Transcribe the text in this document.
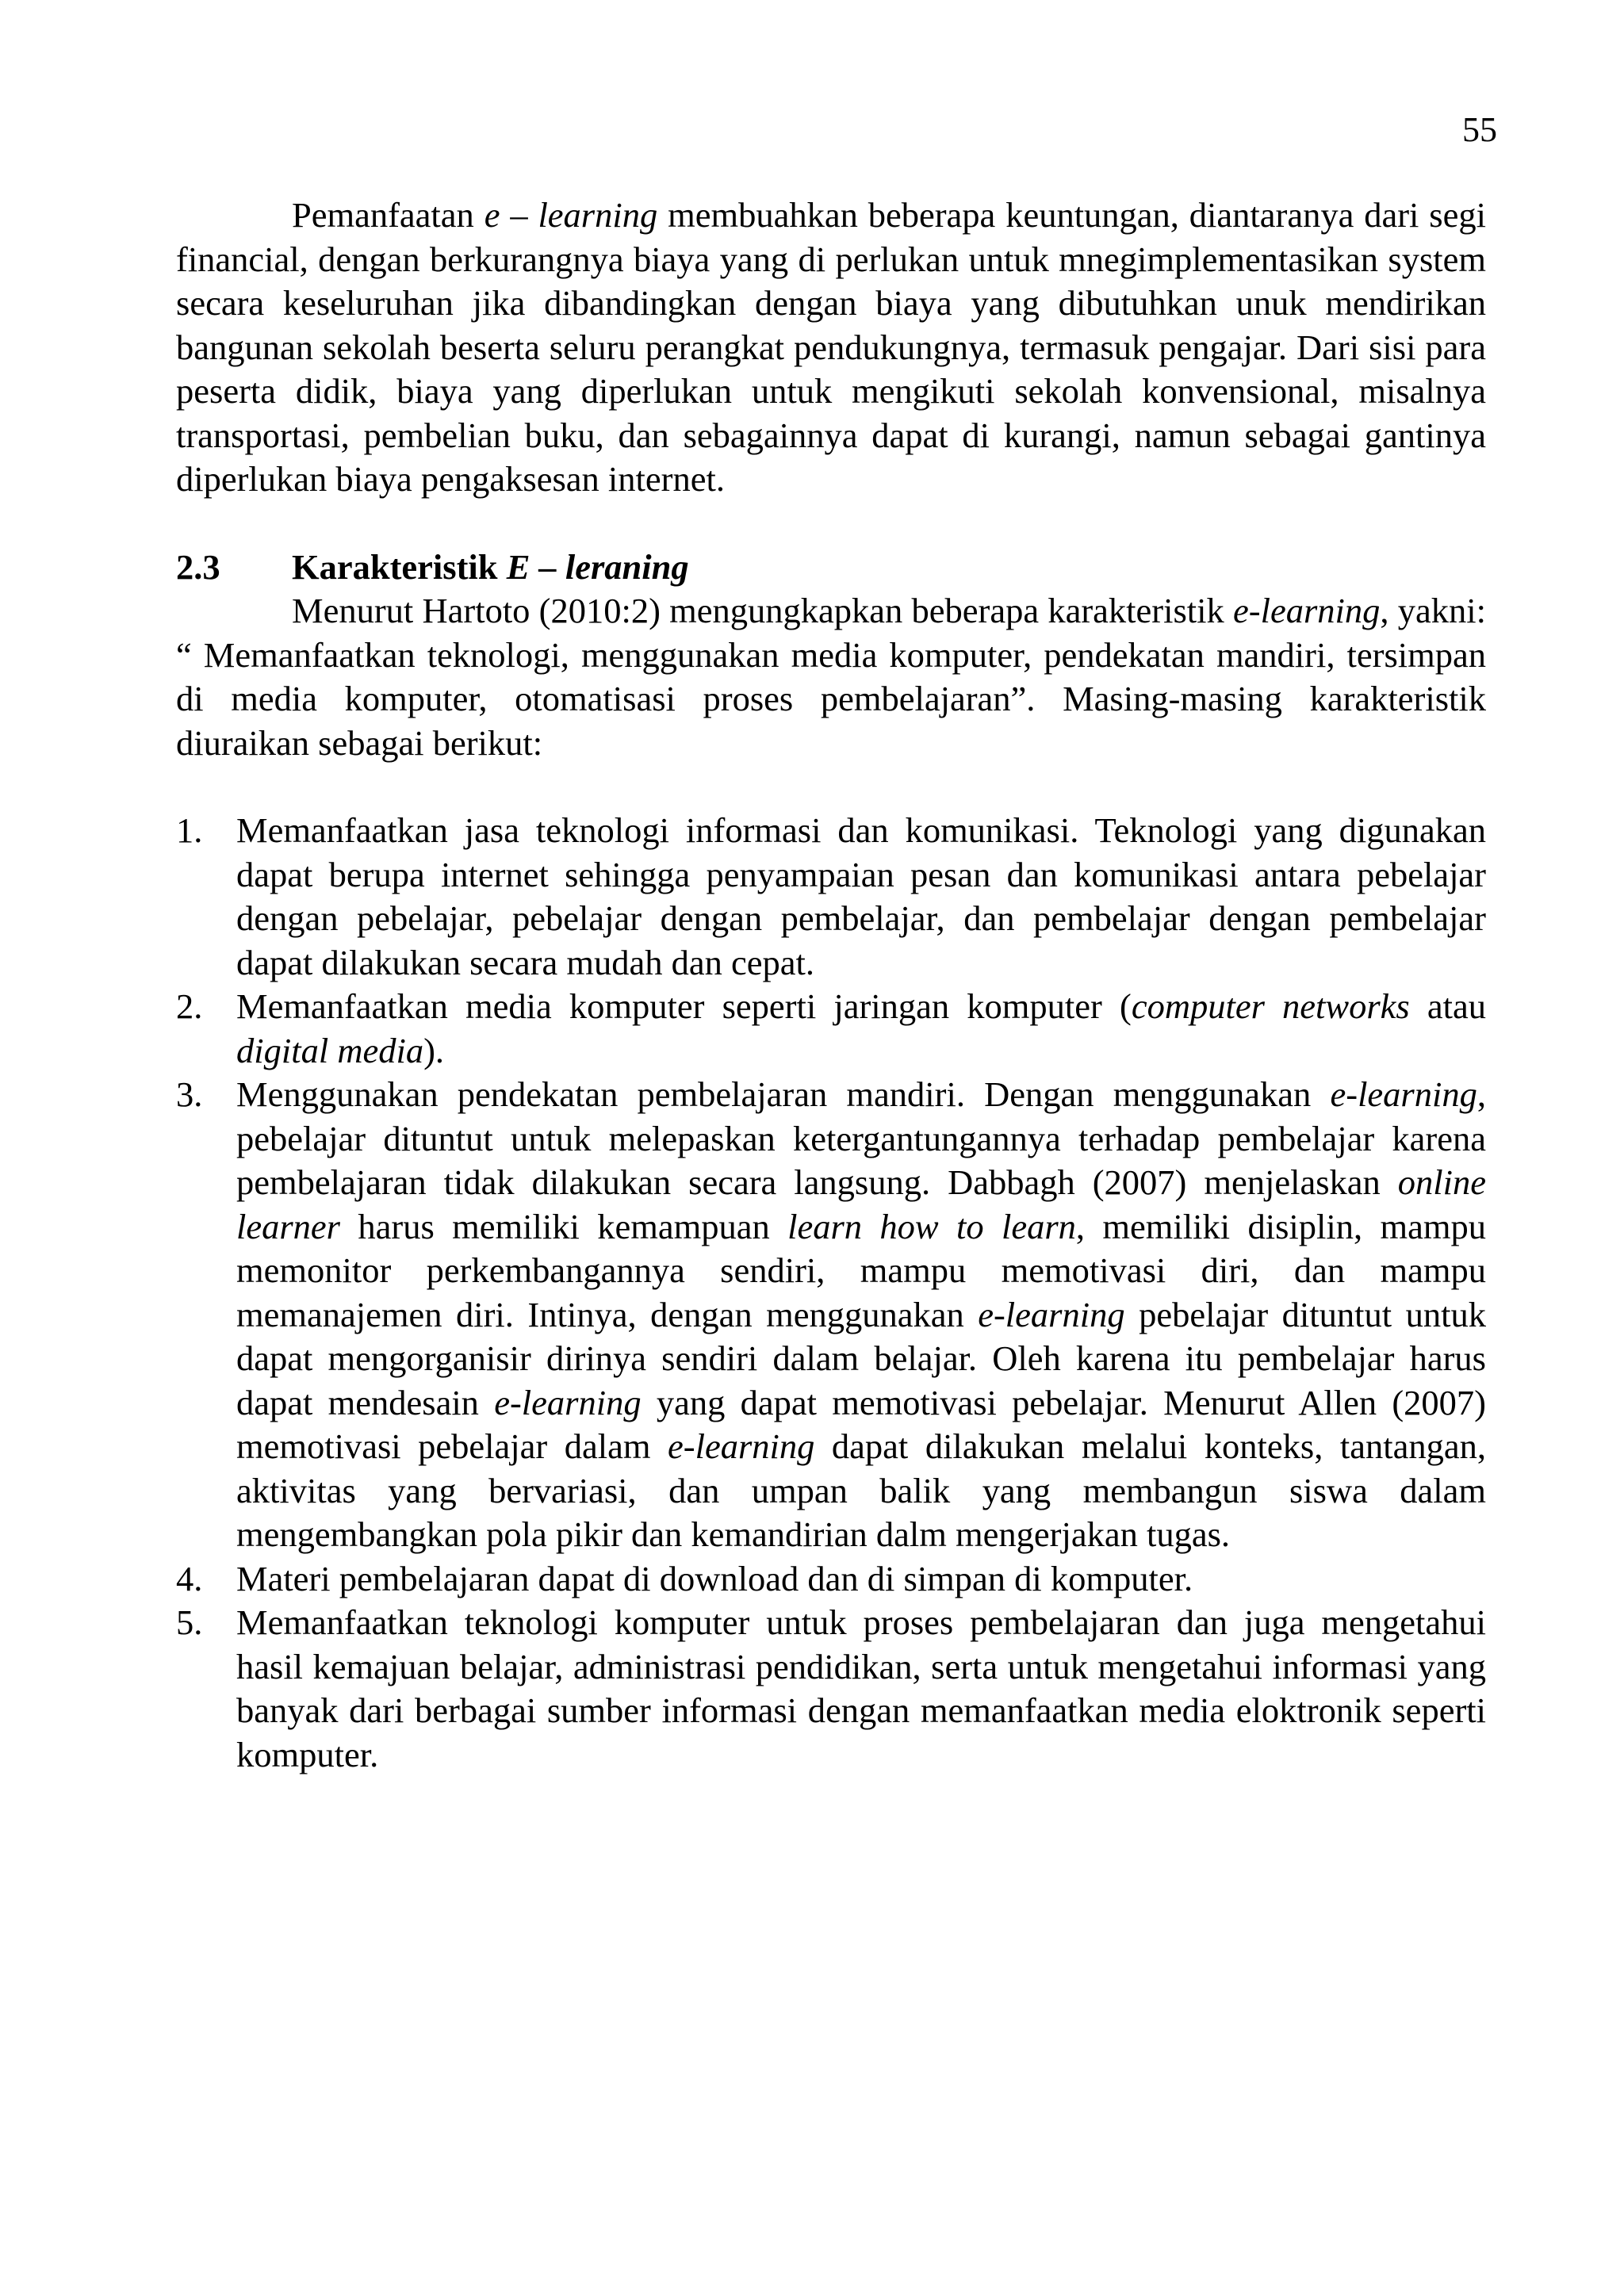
55

Pemanfaatan e – learning membuahkan beberapa keuntungan, diantaranya dari segi financial, dengan berkurangnya biaya yang di perlukan untuk mnegimplementasikan system secara keseluruhan jika dibandingkan dengan biaya yang dibutuhkan unuk mendirikan bangunan sekolah beserta seluru perangkat pendukungnya, termasuk pengajar. Dari sisi para peserta didik, biaya yang diperlukan untuk mengikuti sekolah konvensional, misalnya transportasi, pembelian buku, dan sebagainnya dapat di kurangi, namun sebagai gantinya diperlukan biaya pengaksesan internet.

2.3 Karakteristik E – leraning

Menurut Hartoto (2010:2) mengungkapkan beberapa karakteristik e-learning, yakni: “ Memanfaatkan teknologi, menggunakan media komputer, pendekatan mandiri, tersimpan di media komputer, otomatisasi proses pembelajaran”. Masing-masing karakteristik diuraikan sebagai berikut:

1. Memanfaatkan jasa teknologi informasi dan komunikasi. Teknologi yang digunakan dapat berupa internet sehingga penyampaian pesan dan komunikasi antara pebelajar dengan pebelajar, pebelajar dengan pembelajar, dan pembelajar dengan pembelajar dapat dilakukan secara mudah dan cepat.
2. Memanfaatkan media komputer seperti jaringan komputer (computer networks atau digital media).
3. Menggunakan pendekatan pembelajaran mandiri. Dengan menggunakan e-learning, pebelajar dituntut untuk melepaskan ketergantungannya terhadap pembelajar karena pembelajaran tidak dilakukan secara langsung. Dabbagh (2007) menjelaskan online learner harus memiliki kemampuan learn how to learn, memiliki disiplin, mampu memonitor perkembangannya sendiri, mampu memotivasi diri, dan mampu memanajemen diri. Intinya, dengan menggunakan e-learning pebelajar dituntut untuk dapat mengorganisir dirinya sendiri dalam belajar. Oleh karena itu pembelajar harus dapat mendesain e-learning yang dapat memotivasi pebelajar. Menurut Allen (2007) memotivasi pebelajar dalam e-learning dapat dilakukan melalui konteks, tantangan, aktivitas yang bervariasi, dan umpan balik yang membangun siswa dalam mengembangkan pola pikir dan kemandirian dalm mengerjakan tugas.
4. Materi pembelajaran dapat di download dan di simpan di komputer.
5. Memanfaatkan teknologi komputer untuk proses pembelajaran dan juga mengetahui hasil kemajuan belajar, administrasi pendidikan, serta untuk mengetahui informasi yang banyak dari berbagai sumber informasi dengan memanfaatkan media eloktronik seperti komputer.
